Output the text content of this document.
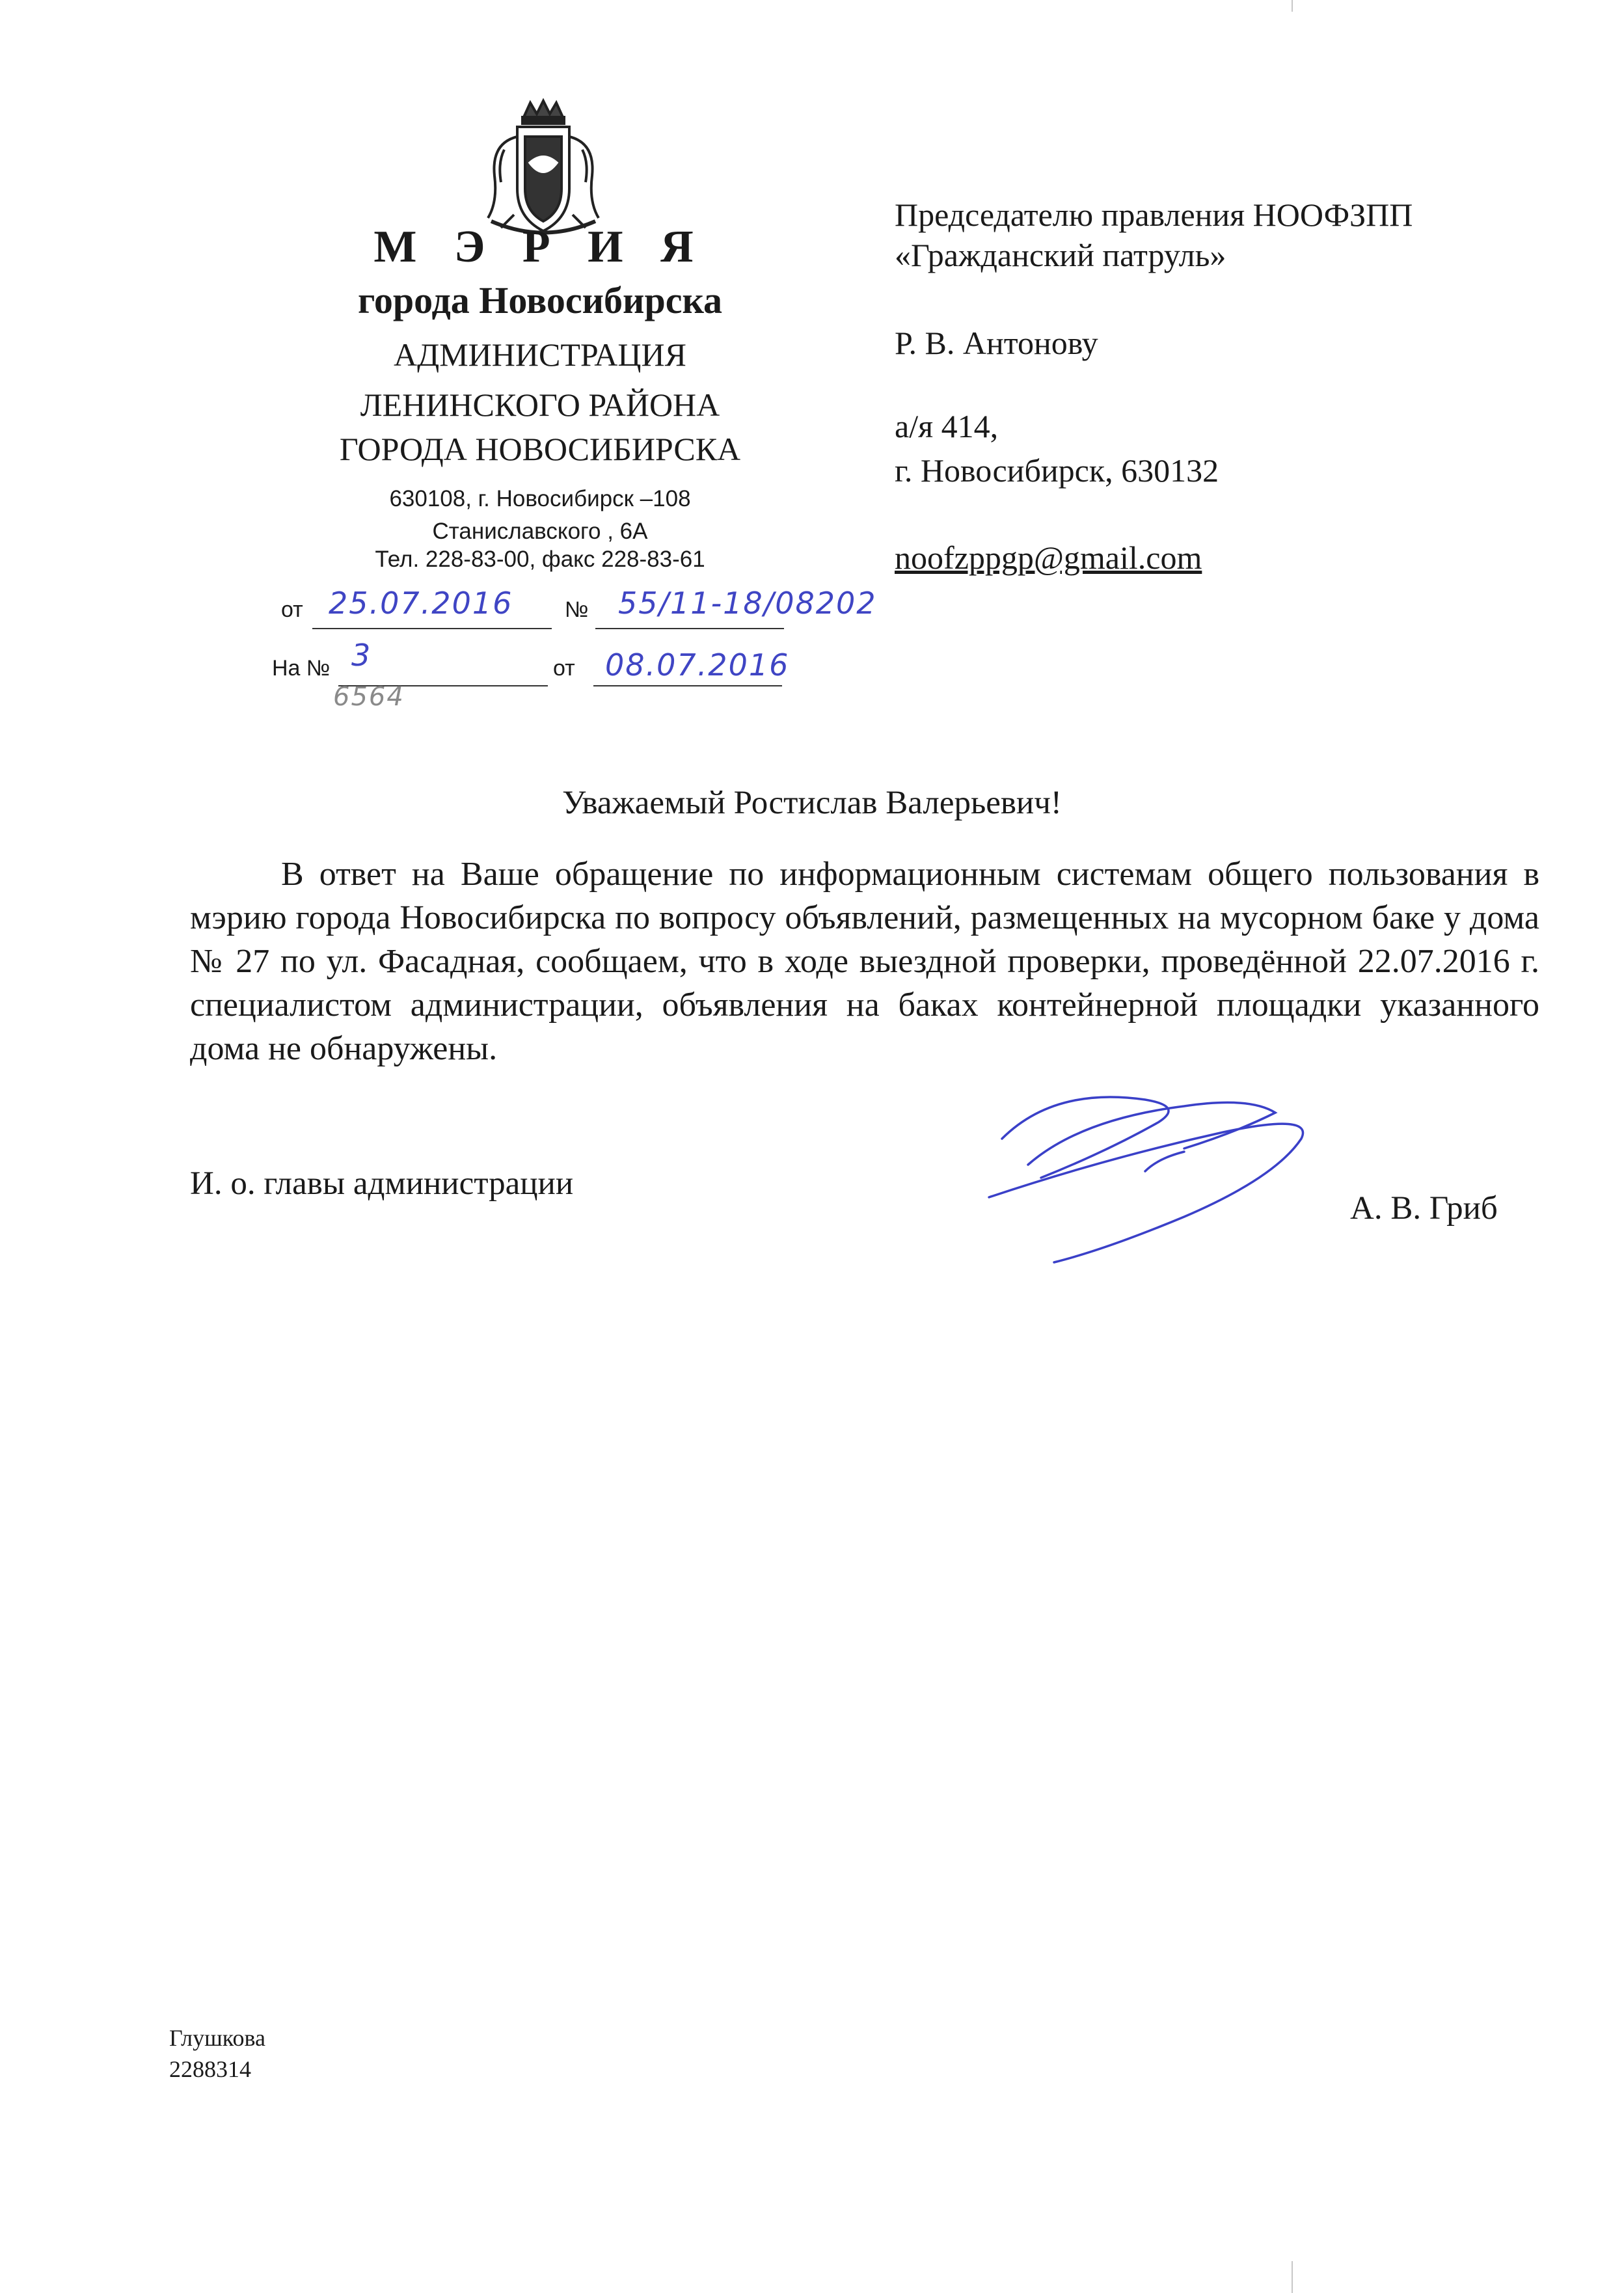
М Э Р И Я
города Новосибирска
АДМИНИСТРАЦИЯ
ЛЕНИНСКОГО РАЙОНА
ГОРОДА НОВОСИБИРСКА
630108, г. Новосибирск –108
Станиславского , 6А
Тел. 228-83-00, факс 228-83-61
от 25.07.2016 № 55/11-18/08202
На № 3	от 08.07.2016
6564
Председателю правления НООФЗПП
«Гражданский патруль»
Р. В. Антонову
а/я 414,
г. Новосибирск, 630132
noofzppgp@gmail.com
Уважаемый Ростислав Валерьевич!
В ответ на Ваше обращение по информационным системам общего пользования в мэрию города Новосибирска по вопросу объявлений, размещенных на мусорном баке у дома № 27 по ул. Фасадная, сообщаем, что в ходе выездной проверки, проведённой 22.07.2016 г. специалистом администрации, объявления на баках контейнерной площадки указанного дома не обнаружены.
И. о. главы администрации
А. В. Гриб
Глушкова
2288314
